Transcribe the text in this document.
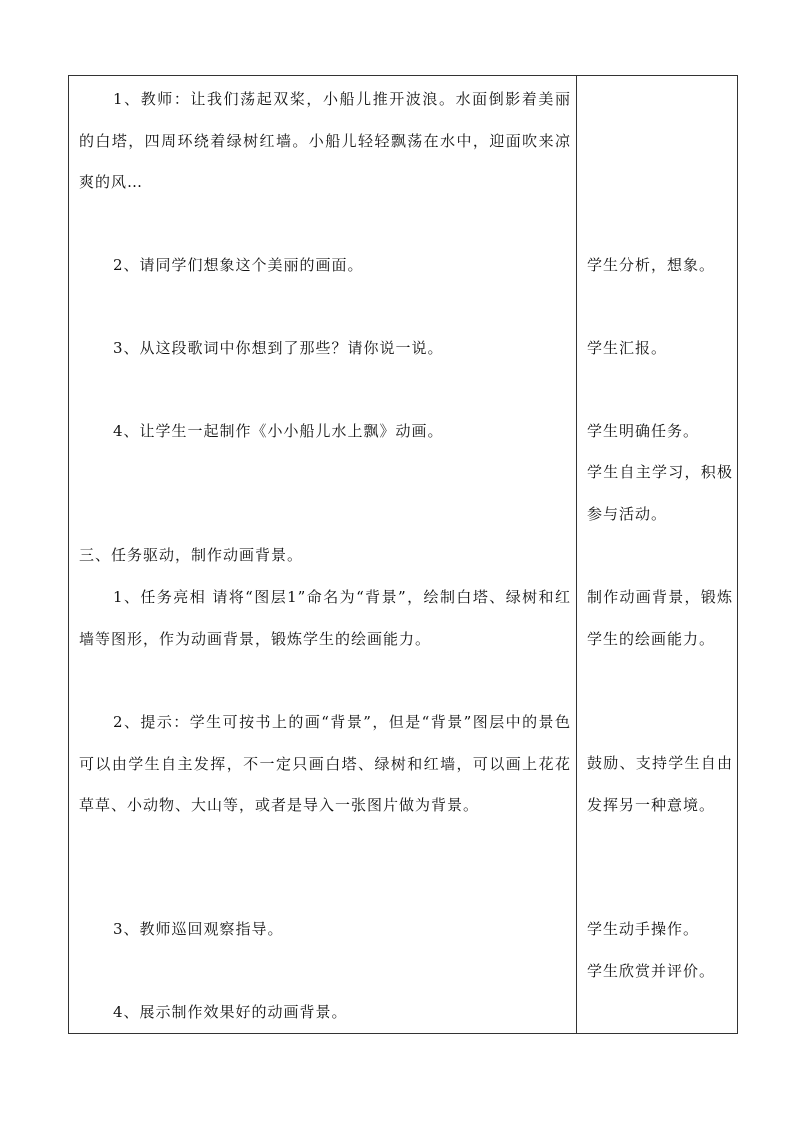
1、教师：让我们荡起双桨，小船儿推开波浪。水面倒影着美丽的白塔，四周环绕着绿树红墙。小船儿轻轻飘荡在水中，迎面吹来凉爽的风…

2、请同学们想象这个美丽的画面。

3、从这段歌词中你想到了那些？请你说一说。

4、让学生一起制作《小小船儿水上飘》动画。

三、任务驱动，制作动画背景。

1、任务亮相 请将“图层1”命名为“背景”，绘制白塔、绿树和红墙等图形，作为动画背景，锻炼学生的绘画能力。

2、提示：学生可按书上的画“背景”，但是“背景”图层中的景色可以由学生自主发挥，不一定只画白塔、绿树和红墙，可以画上花花草草、小动物、大山等，或者是导入一张图片做为背景。

3、教师巡回观察指导。

4、展示制作效果好的动画背景。

学生分析，想象。

学生汇报。

学生明确任务。

学生自主学习，积极参与活动。

制作动画背景，锻炼学生的绘画能力。

鼓励、支持学生自由发挥另一种意境。

学生动手操作。

学生欣赏并评价。
